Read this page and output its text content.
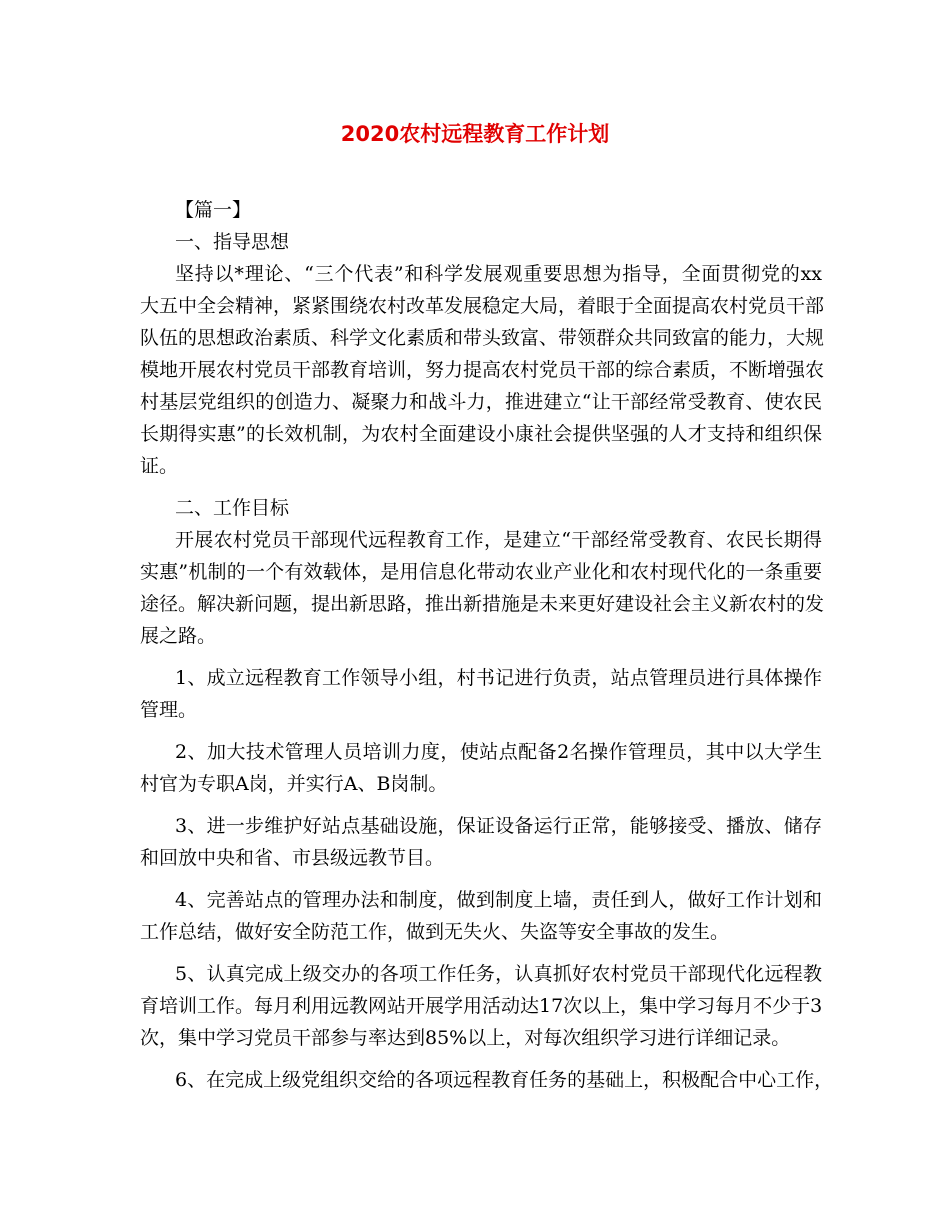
2020农村远程教育工作计划
【篇一】
一、指导思想
坚持以*理论、“三个代表”和科学发展观重要思想为指导，全面贯彻党的xx
大五中全会精神，紧紧围绕农村改革发展稳定大局，着眼于全面提高农村党员干部
队伍的思想政治素质、科学文化素质和带头致富、带领群众共同致富的能力，大规
模地开展农村党员干部教育培训，努力提高农村党员干部的综合素质，不断增强农
村基层党组织的创造力、凝聚力和战斗力，推进建立“让干部经常受教育、使农民
长期得实惠”的长效机制，为农村全面建设小康社会提供坚强的人才支持和组织保
证。
二、工作目标
开展农村党员干部现代远程教育工作，是建立“干部经常受教育、农民长期得
实惠”机制的一个有效载体，是用信息化带动农业产业化和农村现代化的一条重要
途径。解决新问题，提出新思路，推出新措施是未来更好建设社会主义新农村的发
展之路。
1、成立远程教育工作领导小组，村书记进行负责，站点管理员进行具体操作
管理。
2、加大技术管理人员培训力度，使站点配备2名操作管理员，其中以大学生
村官为专职A岗，并实行A、B岗制。
3、进一步维护好站点基础设施，保证设备运行正常，能够接受、播放、储存
和回放中央和省、市县级远教节目。
4、完善站点的管理办法和制度，做到制度上墙，责任到人，做好工作计划和
工作总结，做好安全防范工作，做到无失火、失盗等安全事故的发生。
5、认真完成上级交办的各项工作任务，认真抓好农村党员干部现代化远程教
育培训工作。每月利用远教网站开展学用活动达17次以上，集中学习每月不少于3
次，集中学习党员干部参与率达到85%以上，对每次组织学习进行详细记录。
6、在完成上级党组织交给的各项远程教育任务的基础上，积极配合中心工作，
